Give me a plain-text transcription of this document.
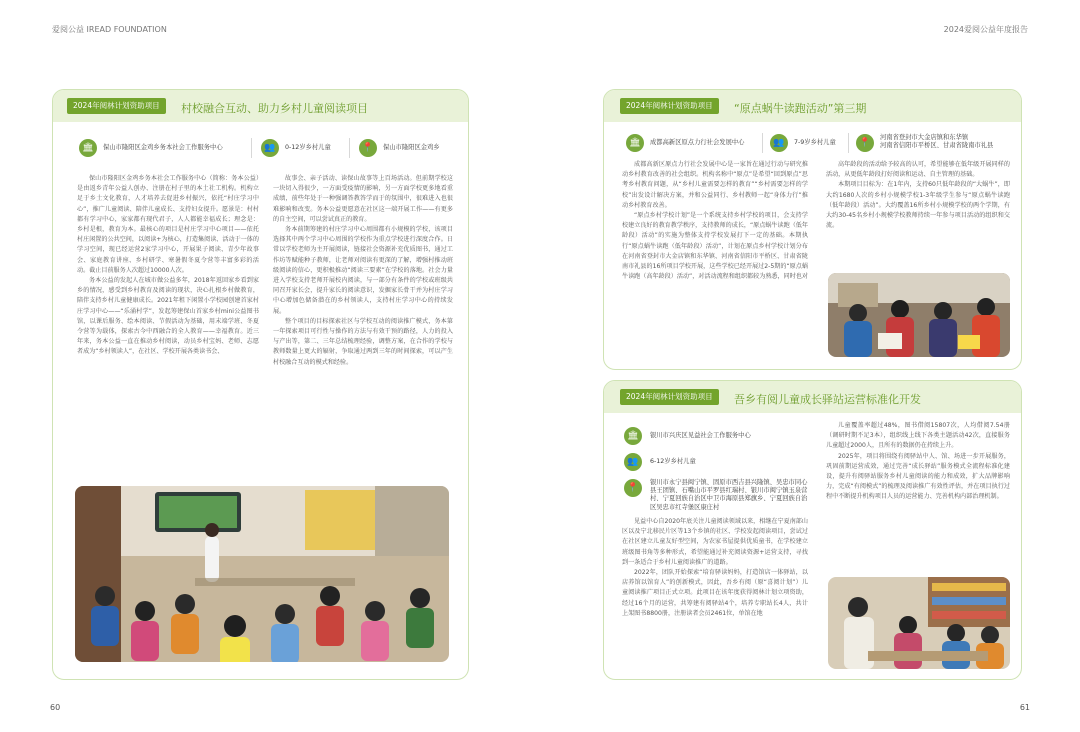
爱阅公益 IREAD FOUNDATION	2024爱阅公益年度报告
2024年阅林计划资助项目	村校融合互动、助力乡村儿童阅读项目
🏛	保山市隆阳区金鸡乡务本社会工作服务中心	👥	0-12岁乡村儿童	📍	保山市隆阳区金鸡乡

保山市隆阳区金鸡乡务本社会工作服务中心（简称：务本公益）是由返乡青年公益人创办、注册在村子里的本土社工机构。机构立足于乡土文化教育，人才培养去促进乡村振兴，依托“村庄学习中心”，推广儿童阅读、陪伴儿童成长、支持妇女提升。愿景是：村村都有学习中心，家家都有现代君子，人人都能幸福成长；理念是：乡村是根，教育为本。最核心的项目是村庄学习中心项目——依托村庄闲置的公共空间，以阅读+为核心，打造集阅读、活动于一体的学习空间，现已经运营2家学习中心，开展果子阅读、青少年故事会、家庭教育讲座、乡村研学、寒暑假冬夏令营等丰富多彩的活动。截止目前服务人次超过10000人次。

务本公益的发起人在城市做公益多年，2018年返回家乡看到家乡的情况，感受到乡村教育及阅读的现状，决心扎根乡村做教育，陪伴支持乡村儿童健康成长。2021年租下闲置小学校园创建首家村庄学习中心——“乐涌村学”，发起筹建保山首家乡村mini公益图书馆，以课后服务、绘本阅读、节假活动为基础，用末端学班、冬夏令营等为载体，探索古今中西融合的全人教育——幸福教育。近三年来，务本公益一直在推动乡村阅读，动员乡村宝妈、老师、志愿者成为“乡村领读人”，在社区、学校开展各类读书会、

故事会、亲子活动、读保山故事等上百场活动。但前期学校这一块切入得很少，一方面受疫情的影响，另一方面学校更多地看重成绩，前些年处于一种强调答教答学而于的氛围中，很难进入也很难影响和改变。务本公益更愿意在社区这一端开展工作——有更多的自主空间，可以尝试真正的教育。

务本前期筹建的村庄学习中心周围都有小规模的学校，该项目选择其中两个学习中心周围的学校作为重点学校进行深度合作。日常以学校老师为主开展阅读，链接社会资源补充优质图书，通过工作坊等赋能种子教师，让老师对阅读有更深的了解，增强村推动班级阅读的信心，更积极推动“阅读三要素”在学校的落地。社会力量进入学校支持老师开展校内阅读，与一部分有条件的学校或班级共同召开家长会，提升家长的阅读意识，发掘家长骨干并为村庄学习中心增加色储备潜在的乡村领读人，支持村庄学习中心的持续发展。

整个项目的目标探索社区与学校互动的阅读推广模式，务本第一年探索项目可行性与操作的方法与有效干预的路径，人力的投入与产出等，第二、三年总结梳理经验，调整方案，在合作的学校与教师数量上更大的辐射，争取通过两到三年的时间探索，可以产生村校融合互动的模式和经验。

2024年阅林计划资助项目	“原点蜗牛读跑活动”第三期
🏛	成都高新区原点力行社会发展中心	👥	7-9岁乡村儿童	📍
河南省登封市大金店镇和东华镇
河南省信阳市平桥区、甘肃省陇南市礼县

成都高新区原点力行社会发展中心是一家旨在通过行动与研究推动乡村教育改善的社会组织。机构名称中“原点”是希望“回到原点”思考乡村教育问题，从“乡村儿童需要怎样的教育”“乡村需要怎样的学校”出发设计解决方案，并和公益同行、乡村教师一起“身体力行”推动乡村教育改善。

“原点乡村学校计划”是一个系统支持乡村学校的项目，会支持学校建立良好的教育教学秩序，支持教师的成长，“原点蜗牛读跑（低年龄段）活动”的实施为整体支持学校发展打下一定的基础。本期执行“原点蜗牛读跑（低年龄段）活动”，计划在原点乡村学校计划分布在河南省登封市大金店镇和东华镇、河南省信阳市平桥区、甘肃省陇南市礼县的16所项目学校开展，这些学校已经开展过2-5期的“原点蜗牛读跑（高年龄段）活动”，对活动流程和组织都较为熟悉，同时也对

高年龄段的活动给予较高的认可，希望能够在低年级开展同样的活动，从更低年龄段打好阅读和运动、自主管理的基础。

本期项目目标为：在1年内，支持60只低年龄段的“大蜗牛”，即大约1680人次的乡村小规模学校1-3年级学生参与“原点蜗牛读跑（低年龄段）活动”。大约覆盖16所乡村小规模学校的两个学期，有大约30-45名乡村小规模学校教师持续一年参与项目活动的组织和交流。

2024年阅林计划资助项目	吾乡有阅儿童成长驿站运营标准化开发
🏛	银川市兴庆区见益社会工作服务中心
👥	6-12岁乡村儿童
📍
银川市永宁县闽宁镇、固原市西吉县兴隆镇、吴忠市同心县王团镇、石嘴山市平罗县红瑞村、银川市闽宁镇玉泉营村、宁夏回族自治区中卫市海原县郑旗乡、宁夏回族自治区吴忠市红寺堡区康庄村

见益中心自2020年底关注儿童阅读领域以来，相继在宁夏南部山区以及宁北移民片区等13个乡镇的社区、学校发起阅读项目，尝试过在社区建立儿童友好型空间，为农家书屋提供优质童书，在学校建立班级图书角等多种形式，希望能通过补充阅读资源+运营支持，寻找到一条适合于乡村儿童阅读推广的道路。

2022年，团队开始探索“培育驿读妈妈，打造馆店一体驿站，以店养馆以馆育人”的创新模式，因此，吾乡有阅（原“喜阅计划”）儿童阅读推广项目正式立项。此项目在该年度获得阅林计划立项资助，经过16个月的运营，共筹建有阅驿站4个，培养专职站长4人，共计上架图书8800册，注册读者会员2461位，单馆在地

儿童覆盖率超过48%，图书借阅15807次，人均借阅7.54册（调研时期不足3本），组织线上线下各类主题活动42次，直接服务儿童超过2000人，且所有的数据仍在持续上升。

2025年，项目将围绕有阅驿站中人、馆、场进一步开展服务，巩固前期运营成效，通过完善“成长驿站”服务模式全流程标准化建设，提升有阅驿站服务乡村儿童阅读的能力和成效，扩大品牌影响力，完成“有阅模式”的梳理及阅读推广有效性评估，并在项目执行过程中不断提升机构项目人员的运营能力、完善机构内部治理机制。

60	61
